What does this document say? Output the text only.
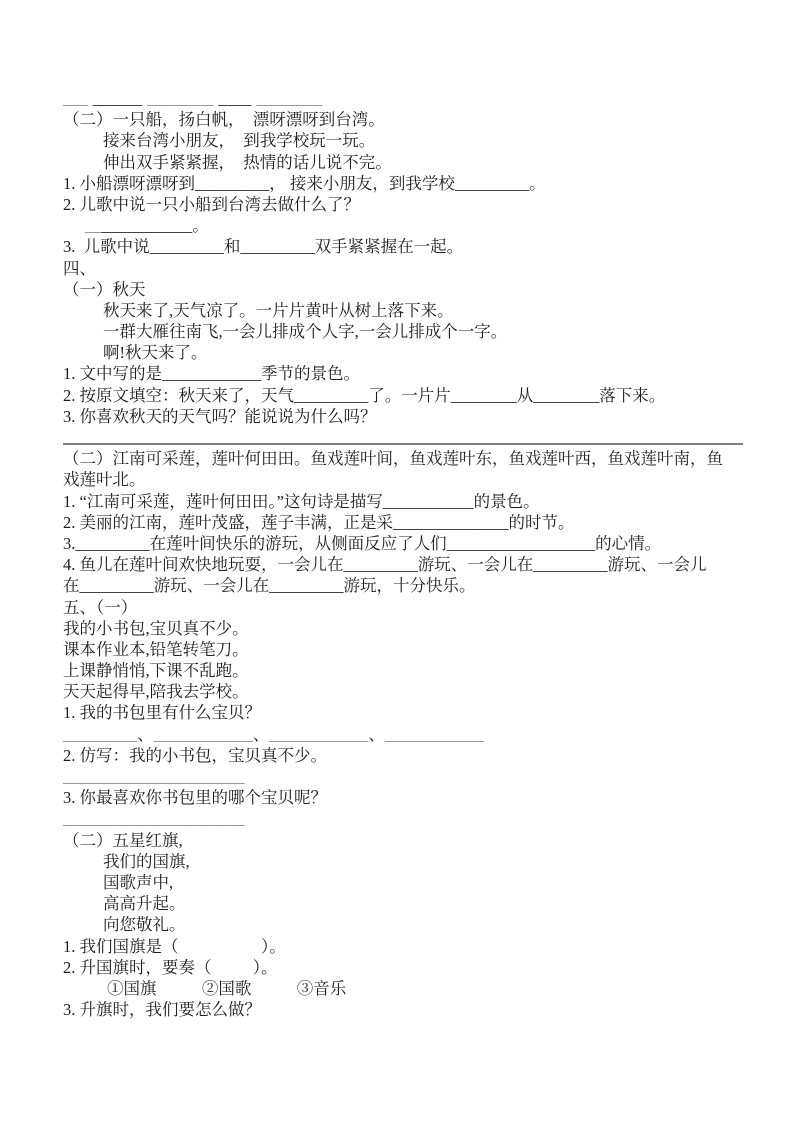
___ ______ ________ ____ ________
（二）一只船，扬白帆，  漂呀漂呀到台湾。
接来台湾小朋友，  到我学校玩一玩。
伸出双手紧紧握，  热情的话儿说不完。
1. 小船漂呀漂呀到_________， 接来小朋友，到我学校_________。
2. 儿歌中说一只小船到台湾去做什么了？
_____________。
3.  儿歌中说_________和_________双手紧紧握在一起。
四、
（一）秋天
秋天来了,天气凉了。一片片黄叶从树上落下来。
一群大雁往南飞,一会儿排成个人字,一会儿排成个一字。
啊!秋天来了。
1. 文中写的是____________季节的景色。
2. 按原文填空：秋天来了，天气_________了。一片片________从________落下来。
3. 你喜欢秋天的天气吗？能说说为什么吗？
（二）江南可采莲，莲叶何田田。鱼戏莲叶间，鱼戏莲叶东，鱼戏莲叶西，鱼戏莲叶南，鱼
戏莲叶北。
1. “江南可采莲，莲叶何田田。”这句诗是描写___________的景色。
2. 美丽的江南，莲叶茂盛，莲子丰满，正是采______________的时节。
3._________在莲叶间快乐的游玩，从侧面反应了人们__________________的心情。
4. 鱼儿在莲叶间欢快地玩耍，一会儿在_________游玩、一会儿在_________游玩、一会儿
在_________游玩、一会儿在_________游玩，十分快乐。
五、（一）
我的小书包,宝贝真不少。
课本作业本,铅笔转笔刀。
上课静悄悄,下课不乱跑。
天天起得早,陪我去学校。
1. 我的书包里有什么宝贝？
_________、____________、____________、____________
2. 仿写：我的小书包，宝贝真不少。
______________________
3. 你最喜欢你书包里的哪个宝贝呢？
______________________
（二）五星红旗,
我们的国旗,
国歌声中,
高高升起。
向您敬礼。
1. 我们国旗是（                    ）。
2. 升国旗时，要奏（          ）。
①国旗           ②国歌           ③音乐
3. 升旗时，我们要怎么做？
